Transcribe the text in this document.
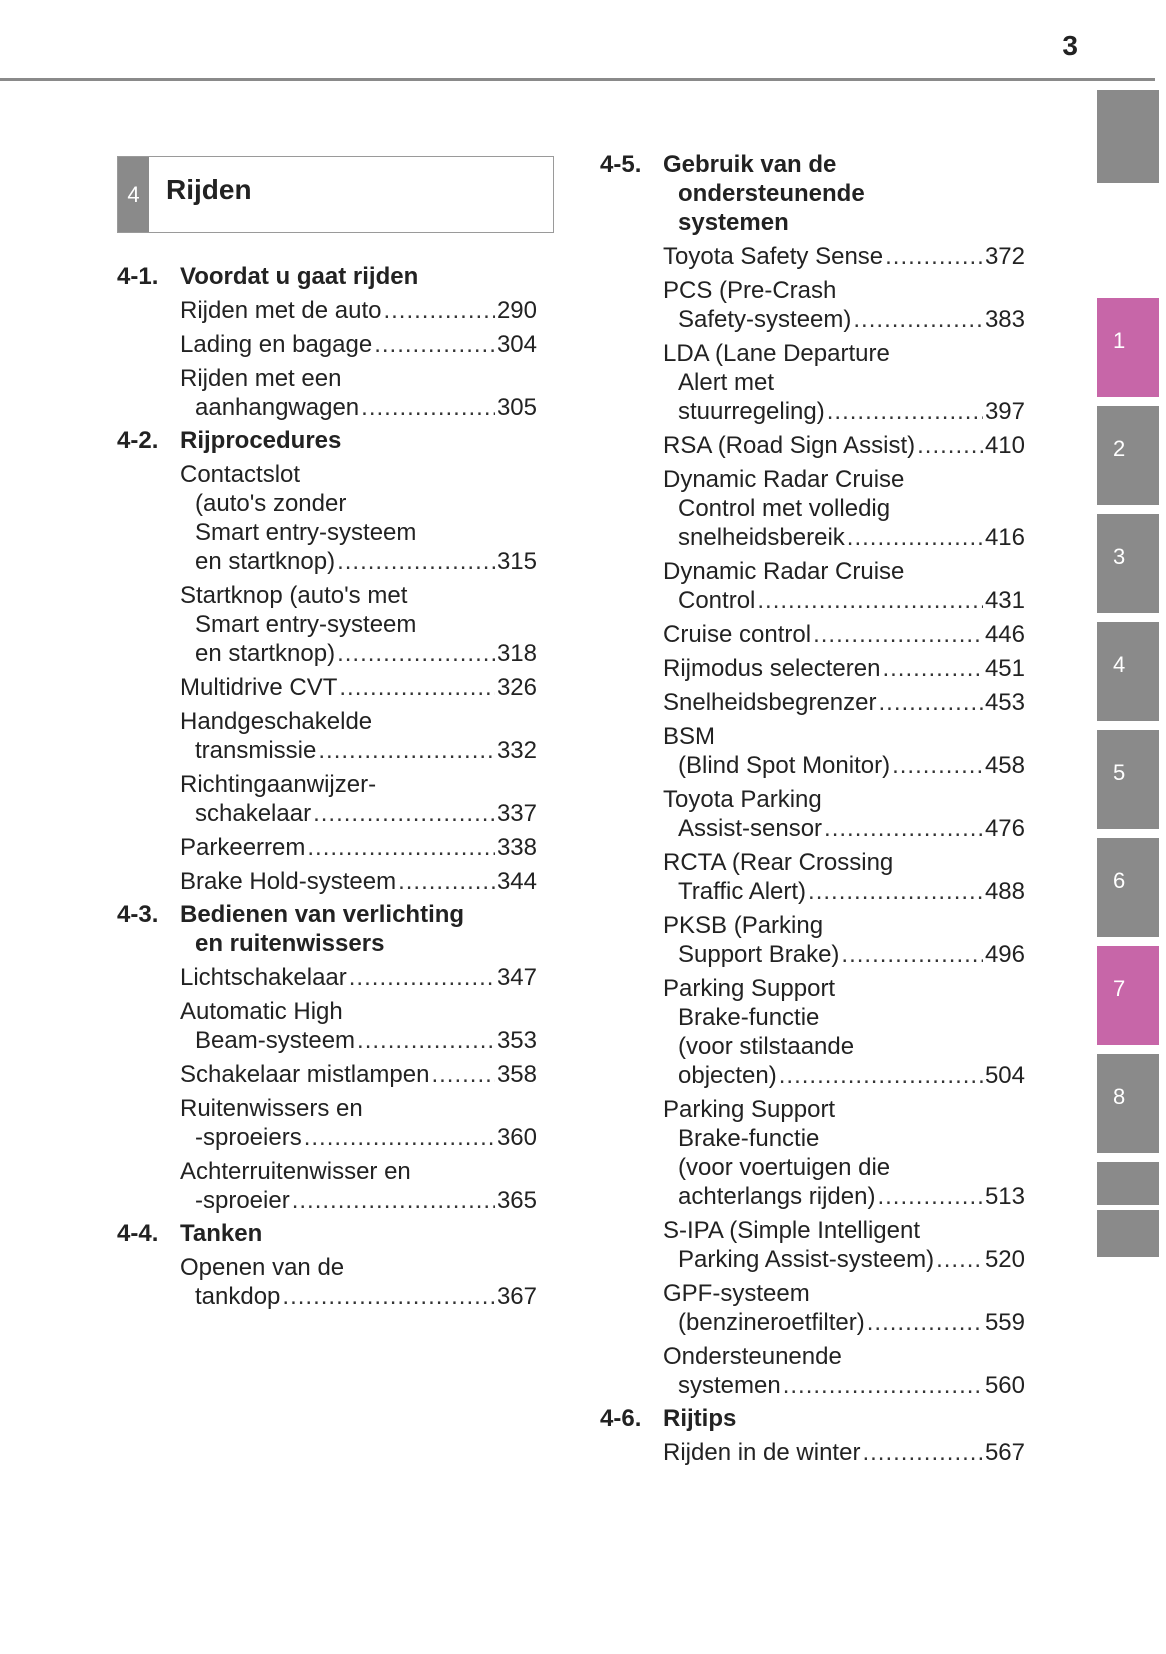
3
4 Rijden
4-1. Voordat u gaat rijden
Rijden met de auto .....	290
Lading en bagage .....	304
Rijden met een
aanhangwagen .....	305
4-2. Rijprocedures
Contactslot
(auto's zonder
Smart entry-systeem
en startknop) .....	315
Startknop (auto's met
Smart entry-systeem
en startknop) .....	318
Multidrive CVT .....	326
Handgeschakelde
transmissie .....	332
Richtingaanwijzer-
schakelaar .....	337
Parkeerrem .....	338
Brake Hold-systeem .....	344
4-3. Bedienen van verlichting
en ruitenwissers
Lichtschakelaar .....	347
Automatic High
Beam-systeem .....	353
Schakelaar mistlampen .....	358
Ruitenwissers en
-sproeiers .....	360
Achterruitenwisser en
-sproeier .....	365
4-4. Tanken
Openen van de
tankdop .....	367
4-5. Gebruik van de
ondersteunende
systemen
Toyota Safety Sense .....	372
PCS (Pre-Crash
Safety-systeem) .....	383
LDA (Lane Departure
Alert met
stuurregeling) .....	397
RSA (Road Sign Assist) .....	410
Dynamic Radar Cruise
Control met volledig
snelheidsbereik .....	416
Dynamic Radar Cruise
Control .....	431
Cruise control .....	446
Rijmodus selecteren .....	451
Snelheidsbegrenzer .....	453
BSM
(Blind Spot Monitor) .....	458
Toyota Parking
Assist-sensor .....	476
RCTA (Rear Crossing
Traffic Alert) .....	488
PKSB (Parking
Support Brake) .....	496
Parking Support
Brake-functie
(voor stilstaande
objecten) .....	504
Parking Support
Brake-functie
(voor voertuigen die
achterlangs rijden) .....	513
S-IPA (Simple Intelligent
Parking Assist-systeem) ..... 520
GPF-systeem
(benzineroetfilter) .....	559
Ondersteunende
systemen .....	560
4-6. Rijtips
Rijden in de winter .....	567
1
2
3
4
5
6
7
8
